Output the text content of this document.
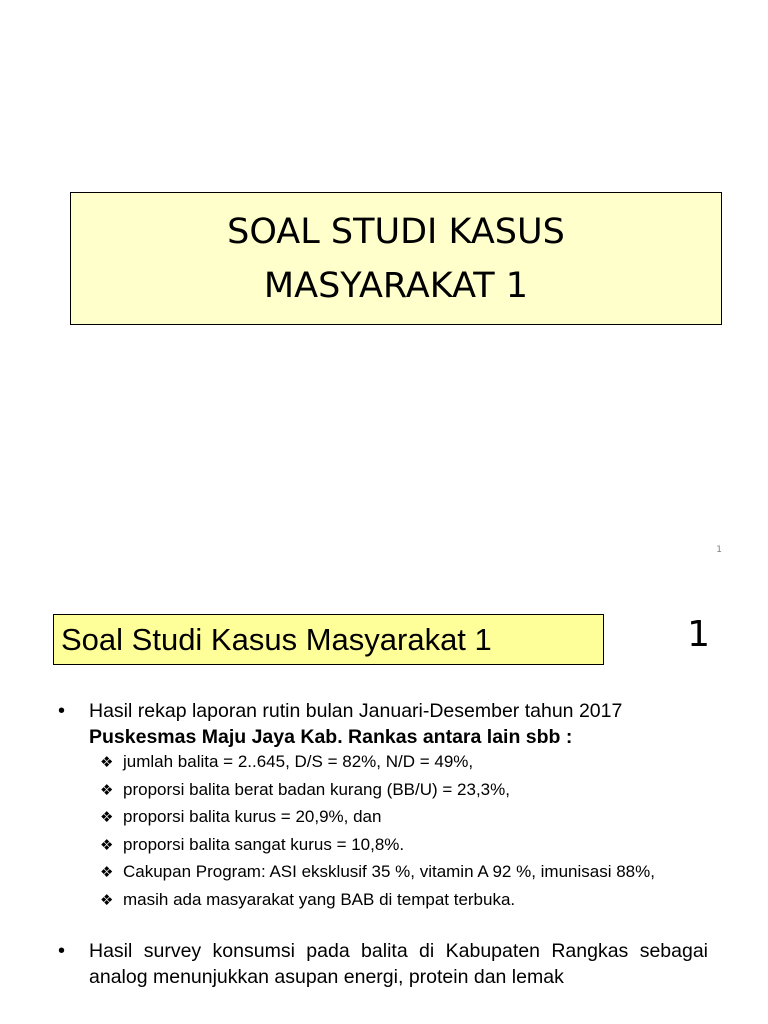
SOAL STUDI KASUS
MASYARAKAT 1
1
Soal Studi Kasus Masyarakat 1	1
• Hasil rekap laporan rutin bulan Januari-Desember tahun 2017
Puskesmas Maju Jaya Kab. Rankas antara lain sbb :
❖ jumlah balita = 2..645, D/S = 82%, N/D = 49%,
❖ proporsi balita berat badan kurang (BB/U) = 23,3%,
❖ proporsi balita kurus = 20,9%, dan
❖ proporsi balita sangat kurus = 10,8%.
❖ Cakupan Program: ASI eksklusif 35 %, vitamin A 92 %, imunisasi 88%,
❖ masih ada masyarakat yang BAB di tempat terbuka.
• Hasil survey konsumsi pada balita di Kabupaten Rangkas sebagai analog menunjukkan asupan energi, protein dan lemak
